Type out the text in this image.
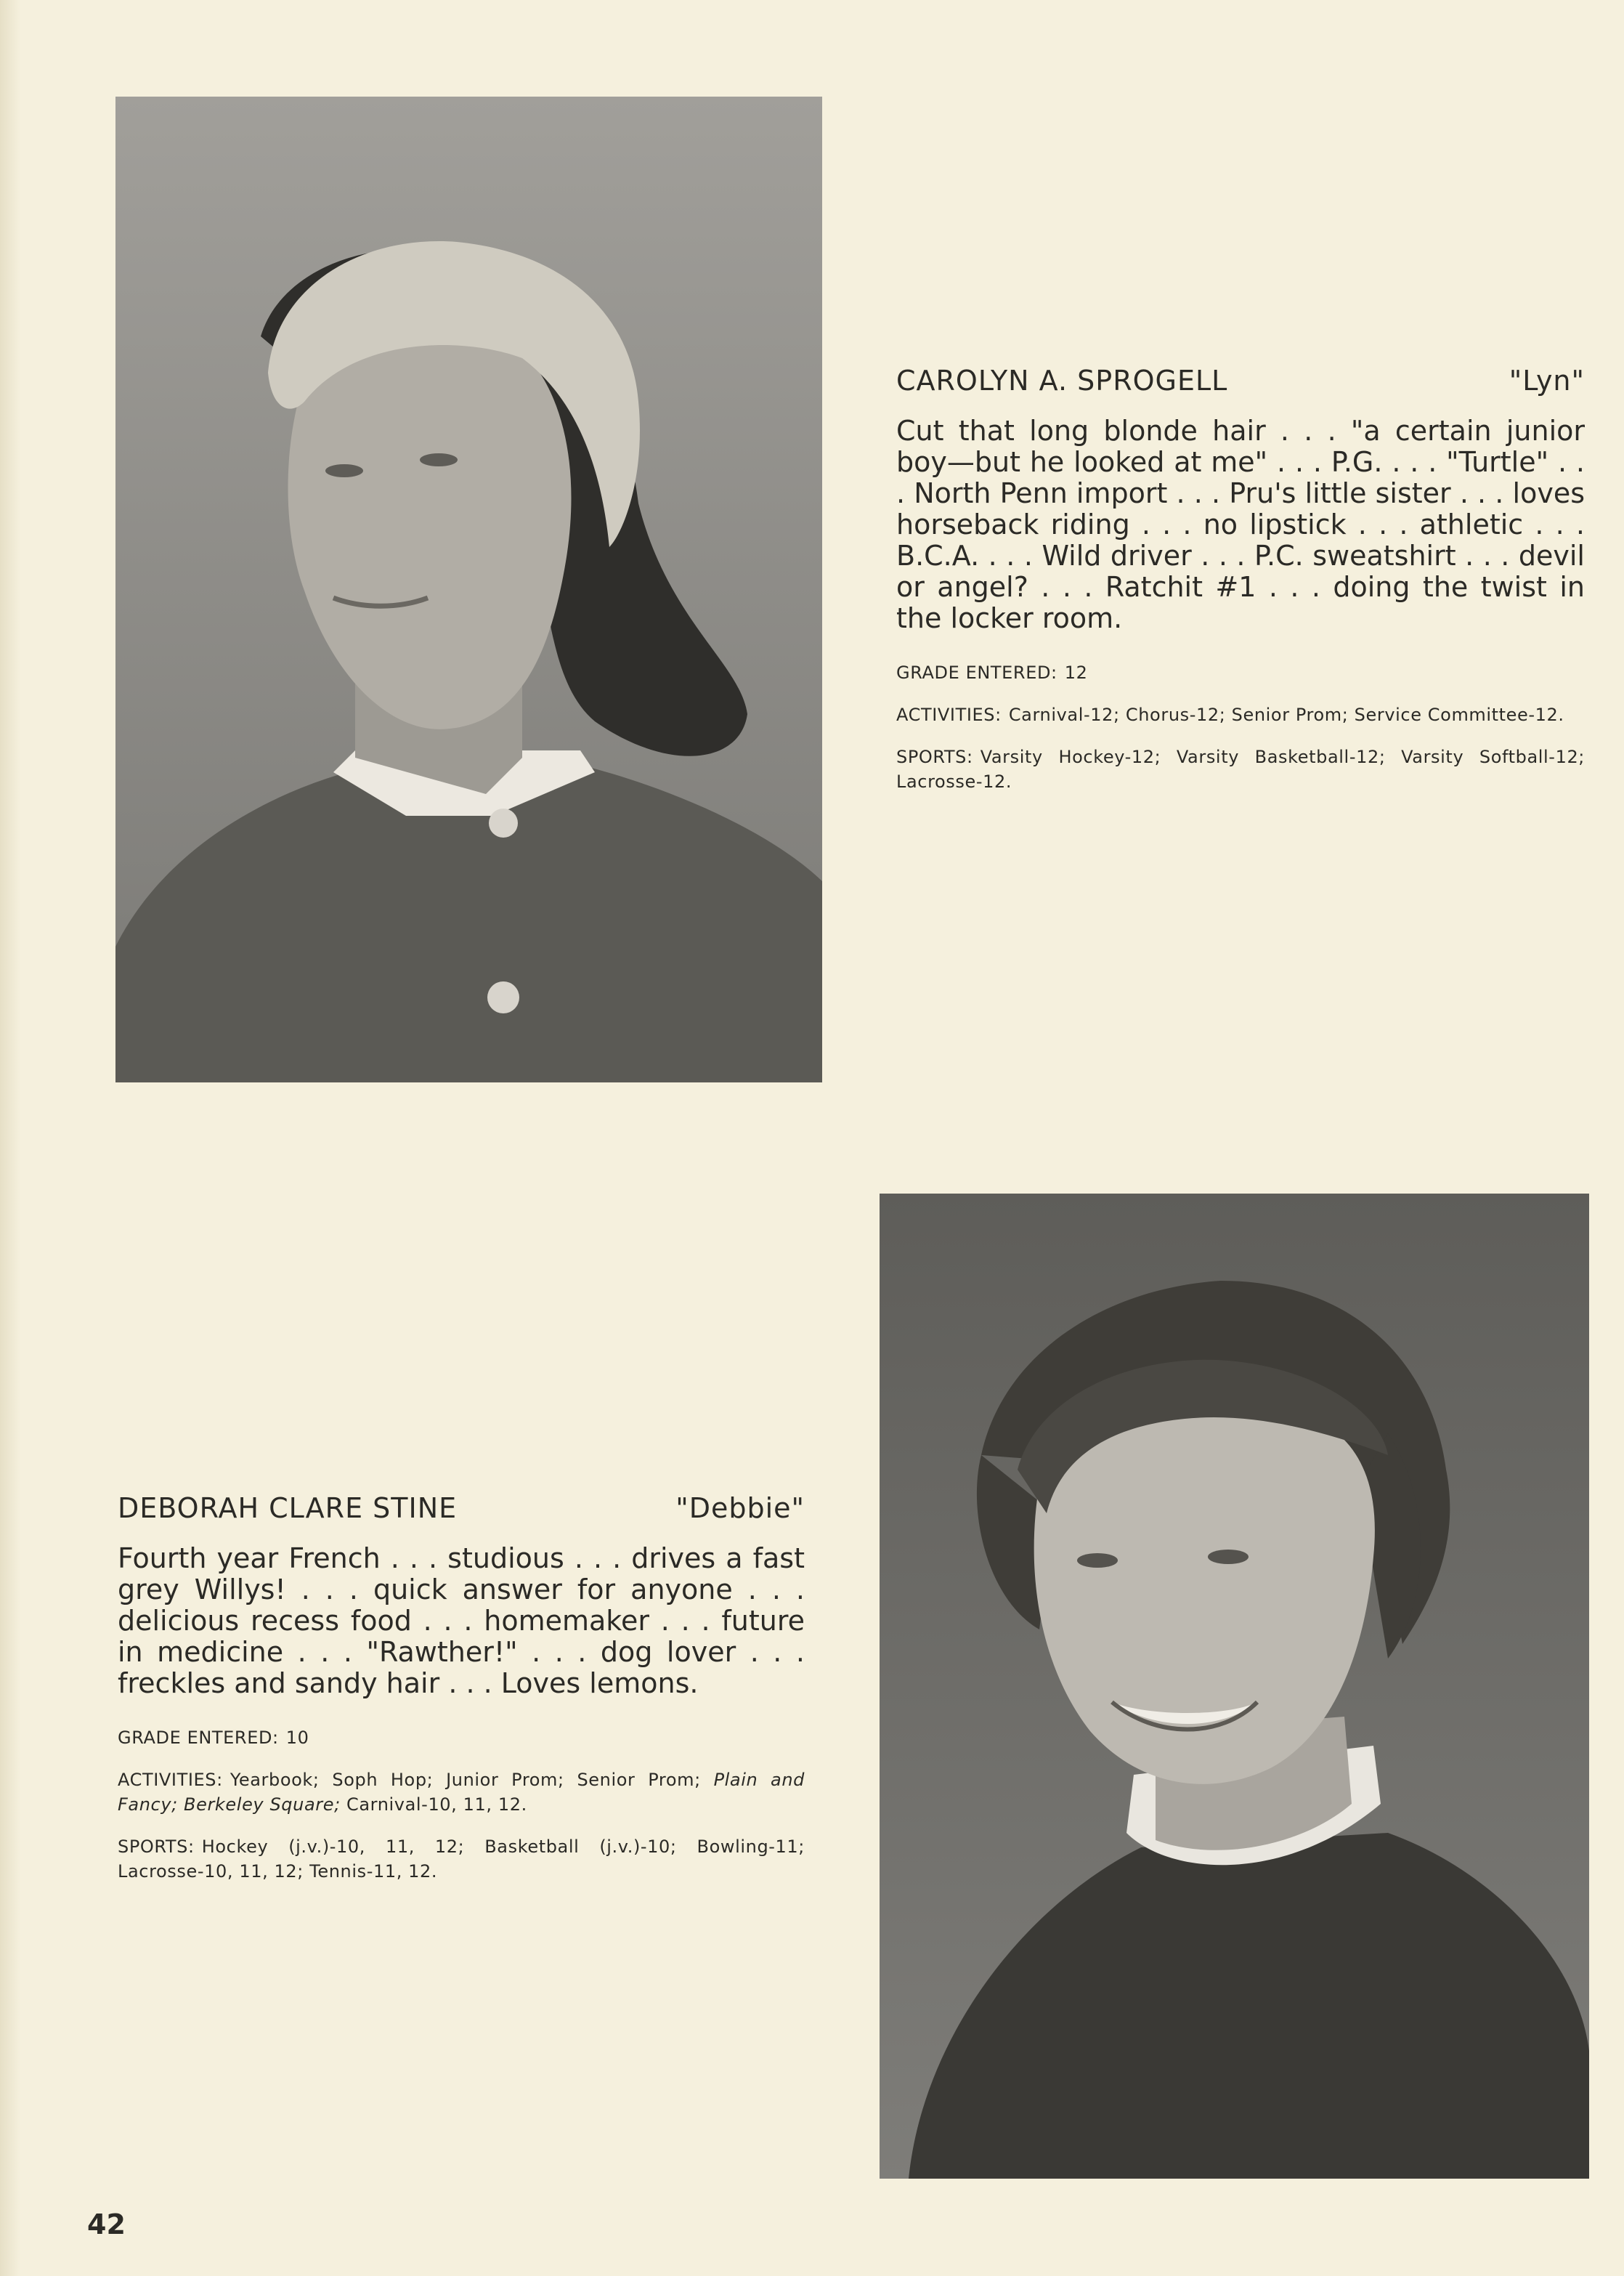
CAROLYN A. SPROGELL	"Lyn"

Cut that long blonde hair . . . "a certain junior boy—but he looked at me" . . . P.G. . . . "Turtle" . . . North Penn import . . . Pru's little sister . . . loves horseback riding . . . no lipstick . . . athletic . . . B.C.A. . . . Wild driver . . . P.C. sweatshirt . . . devil or angel? . . . Ratchit #1 . . . doing the twist in the locker room.

GRADE ENTERED: 12

ACTIVITIES: Carnival-12; Chorus-12; Senior Prom; Service Committee-12.

SPORTS: Varsity Hockey-12; Varsity Basketball-12; Varsity Softball-12; Lacrosse-12.

DEBORAH CLARE STINE	"Debbie"

Fourth year French . . . studious . . . drives a fast grey Willys! . . . quick answer for anyone . . . delicious recess food . . . homemaker . . . future in medicine . . . "Rawther!" . . . dog lover . . . freckles and sandy hair . . . Loves lemons.

GRADE ENTERED: 10

ACTIVITIES: Yearbook; Soph Hop; Junior Prom; Senior Prom; Plain and Fancy; Berkeley Square; Carnival-10, 11, 12.

SPORTS: Hockey (j.v.)-10, 11, 12; Basketball (j.v.)-10; Bowling-11; Lacrosse-10, 11, 12; Tennis-11, 12.

42
